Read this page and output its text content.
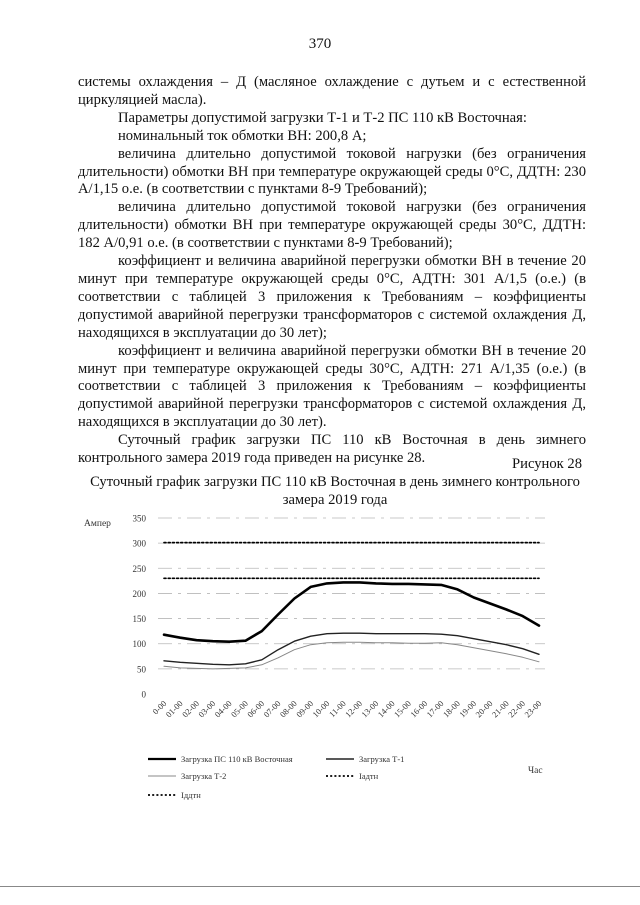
370

системы охлаждения – Д (масляное охлаждение с дутьем и с естественной циркуляцией масла).

Параметры допустимой загрузки Т-1 и Т-2 ПС 110 кВ Восточная:

номинальный ток обмотки ВН: 200,8 А;

величина длительно допустимой токовой нагрузки (без ограничения длительности) обмотки ВН при температуре окружающей среды 0°С, ДДТН: 230 А/1,15 о.е. (в соответствии с пунктами 8-9 Требований);

величина длительно допустимой токовой нагрузки (без ограничения длительности) обмотки ВН при температуре окружающей среды 30°С, ДДТН: 182 А/0,91 о.е. (в соответствии с пунктами 8-9 Требований);

коэффициент и величина аварийной перегрузки обмотки ВН в течение 20 минут при температуре окружающей среды 0°С, АДТН: 301 А/1,5 (о.е.) (в соответствии с таблицей 3 приложения к Требованиям – коэффициенты допустимой аварийной перегрузки трансформаторов с системой охлаждения Д, находящихся в эксплуатации до 30 лет);

коэффициент и величина аварийной перегрузки обмотки ВН в течение 20 минут при температуре окружающей среды 30°С, АДТН: 271 А/1,35 (о.е.) (в соответствии с таблицей 3 приложения к Требованиям – коэффициенты допустимой аварийной перегрузки трансформаторов с системой охлаждения Д, находящихся в эксплуатации до 30 лет).

Суточный график загрузки ПС 110 кВ Восточная в день зимнего контрольного замера 2019 года приведен на рисунке 28.	Рисунок 28
Суточный график загрузки ПС 110 кВ Восточная в день зимнего контрольного замера 2019 года
0
50
100
150
200
250
300
350
Ампер
0-00
01-00
02-00
03-00
04-00
05-00
06-00
07-00
08-00
09-00
10-00
11-00
12-00
13-00
14-00
15-00
16-00
17-00
18-00
19-00
20-00
21-00
22-00
23-00
Загрузка ПС 110 кВ Восточная	Загрузка Т-1
Загрузка Т-2	Iадтн
Iддтн
Час
